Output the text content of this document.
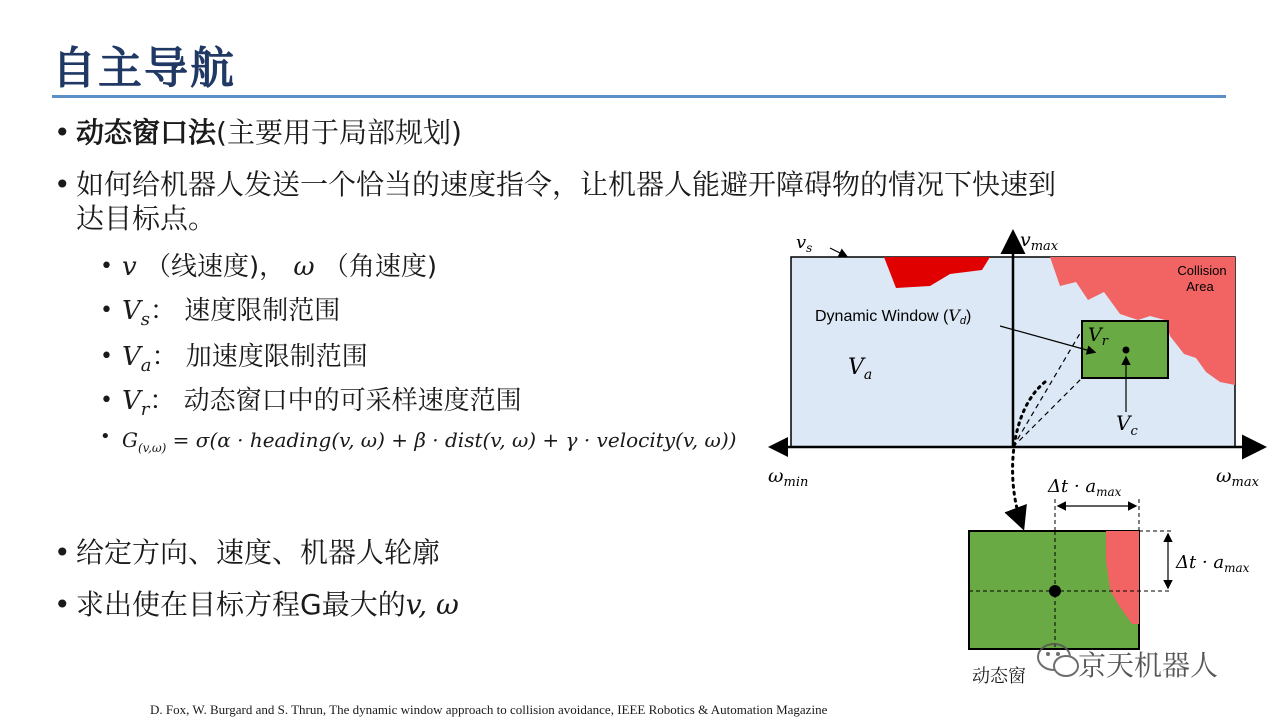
自主导航
• 动态窗口法(主要用于局部规划)
• 如何给机器人发送一个恰当的速度指令，让机器人能避开障碍物的情况下快速到
达目标点。
• v （线速度)， ω （角速度)
• $V_s$： 速度限制范围
• $V_a$： 加速度限制范围
• $V_r$： 动态窗口中的可采样速度范围
• $G_{(v,\omega)} = \sigma(\alpha$ · heading(v, ω) + β · dist(v, ω) + γ · velocity(v, ω))
• 给定方向、速度、机器人轮廓
• 求出使在目标方程G最大的v, ω
$v_s$	$v_{max}$
Collision
Area
Dynamic Window (Vd)
$V_a$
$V_r$
$V_c$
$\omega_{min}$	$\omega_{max}$
$\Delta t \cdot a_{max}$
$\Delta t \cdot a_{max}$
动态窗 京天机器人
D. Fox, W. Burgard and S. Thrun, The dynamic window approach to collision avoidance, IEEE Robotics & Automation Magazine
